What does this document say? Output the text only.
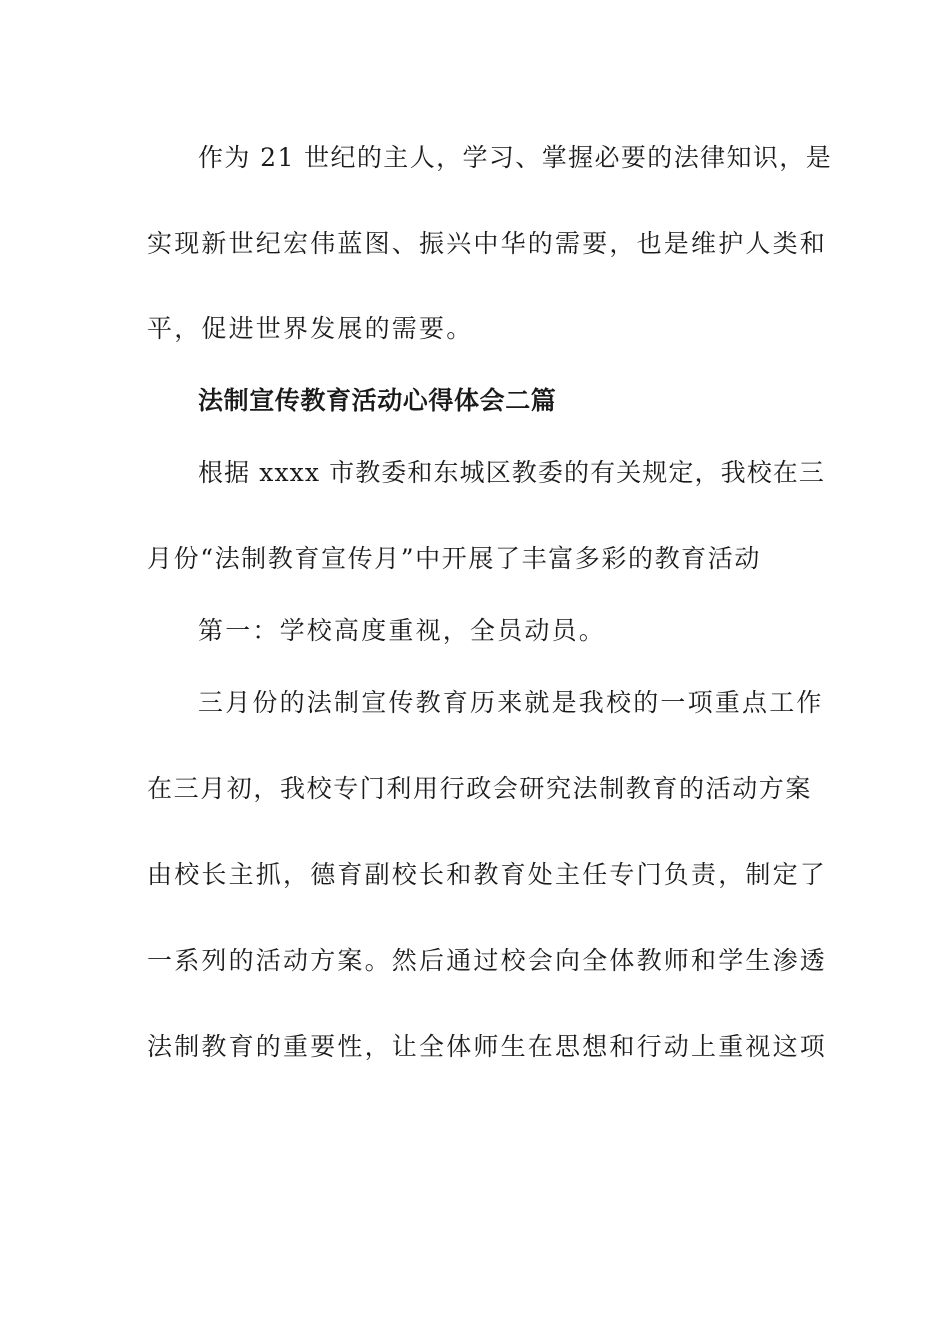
作为 21 世纪的主人，学习、掌握必要的法律知识，是
实现新世纪宏伟蓝图、振兴中华的需要，也是维护人类和
平，促进世界发展的需要。
法制宣传教育活动心得体会二篇
根据 xxxx 市教委和东城区教委的有关规定，我校在三
月份“法制教育宣传月”中开展了丰富多彩的教育活动
第一：学校高度重视，全员动员。
三月份的法制宣传教育历来就是我校的一项重点工作
在三月初，我校专门利用行政会研究法制教育的活动方案
由校长主抓，德育副校长和教育处主任专门负责，制定了
一系列的活动方案。然后通过校会向全体教师和学生渗透
法制教育的重要性，让全体师生在思想和行动上重视这项
